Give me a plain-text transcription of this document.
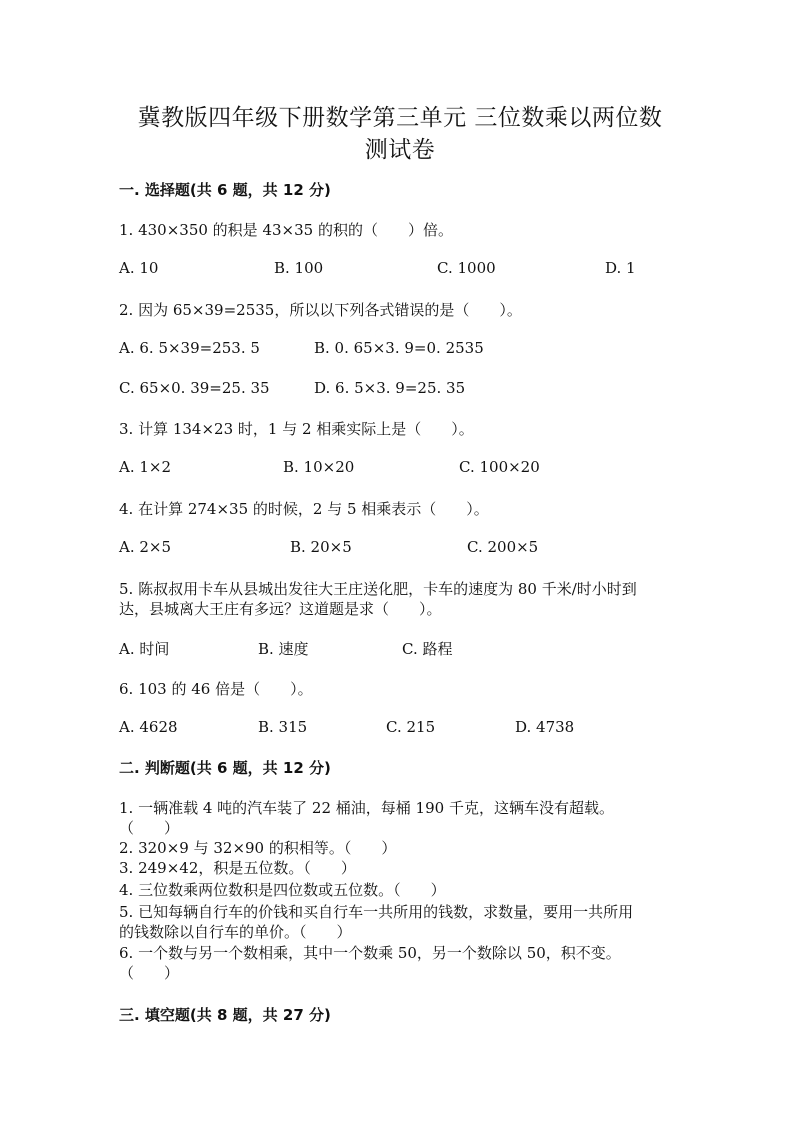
冀教版四年级下册数学第三单元 三位数乘以两位数
测试卷
一. 选择题(共 6 题，共 12 分)
1. 430×350 的积是 43×35 的积的（　　）倍。
A. 10	B. 100	C. 1000	D. 1
2. 因为 65×39=2535，所以以下列各式错误的是（　　）。
A. 6. 5×39=253. 5	B. 0. 65×3. 9=0. 2535
C. 65×0. 39=25. 35	D. 6. 5×3. 9=25. 35
3. 计算 134×23 时，1 与 2 相乘实际上是（　　）。
A. 1×2	B. 10×20	C. 100×20
4. 在计算 274×35 的时候，2 与 5 相乘表示（　　）。
A. 2×5	B. 20×5	C. 200×5
5. 陈叔叔用卡车从县城出发往大王庄送化肥，卡车的速度为 80 千米/时小时到
达，县城离大王庄有多远？这道题是求（　　）。
A. 时间	B. 速度	C. 路程
6. 103 的 46 倍是（　　）。
A. 4628	B. 315	C. 215	D. 4738
二. 判断题(共 6 题，共 12 分)
1. 一辆准载 4 吨的汽车装了 22 桶油，每桶 190 千克，这辆车没有超载。
（　　）
2. 320×9 与 32×90 的积相等。（　　）
3. 249×42，积是五位数。（　　）
4. 三位数乘两位数积是四位数或五位数。（　　）
5. 已知每辆自行车的价钱和买自行车一共所用的钱数，求数量，要用一共所用
的钱数除以自行车的单价。（　　）
6. 一个数与另一个数相乘，其中一个数乘 50，另一个数除以 50，积不变。
（　　）
三. 填空题(共 8 题，共 27 分)
